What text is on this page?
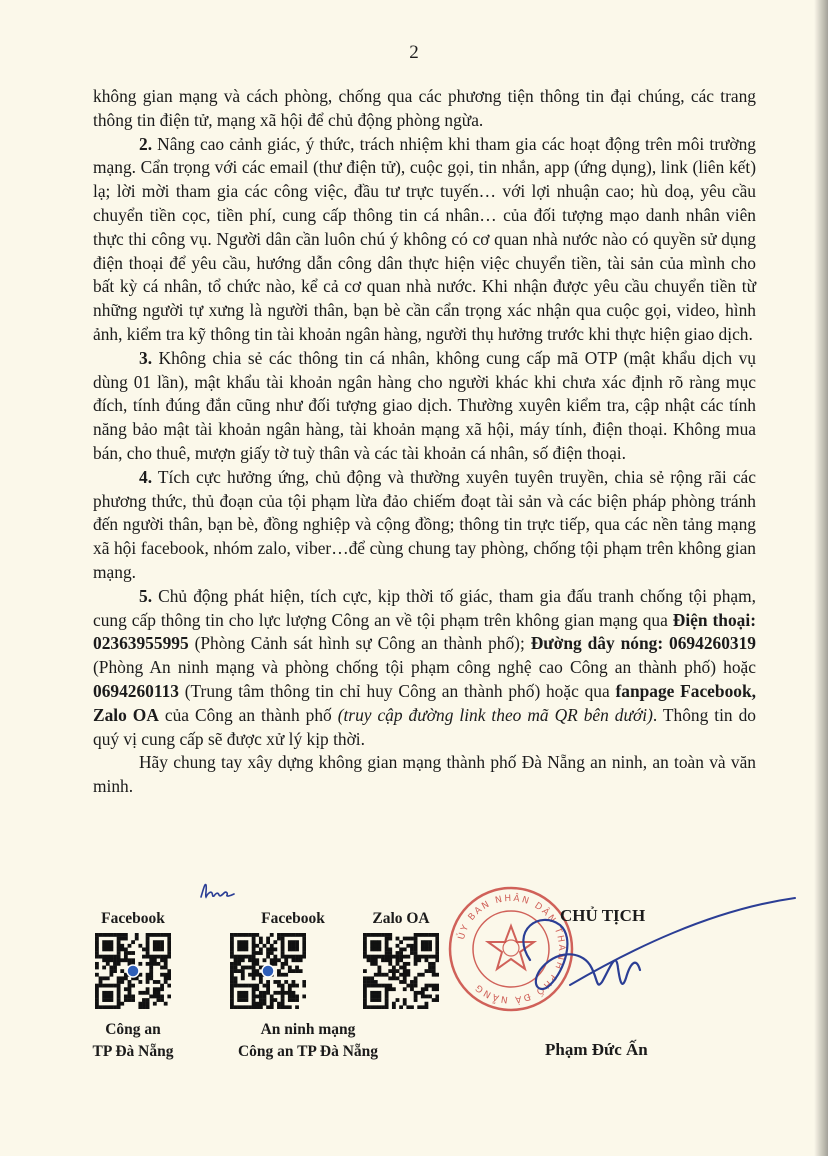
2

không gian mạng và cách phòng, chống qua các phương tiện thông tin đại chúng, các trang thông tin điện tử, mạng xã hội để chủ động phòng ngừa.

2. Nâng cao cảnh giác, ý thức, trách nhiệm khi tham gia các hoạt động trên môi trường mạng. Cẩn trọng với các email (thư điện tử), cuộc gọi, tin nhắn, app (ứng dụng), link (liên kết) lạ; lời mời tham gia các công việc, đầu tư trực tuyến… với lợi nhuận cao; hù doạ, yêu cầu chuyển tiền cọc, tiền phí, cung cấp thông tin cá nhân… của đối tượng mạo danh nhân viên thực thi công vụ. Người dân cần luôn chú ý không có cơ quan nhà nước nào có quyền sử dụng điện thoại để yêu cầu, hướng dẫn công dân thực hiện việc chuyển tiền, tài sản của mình cho bất kỳ cá nhân, tổ chức nào, kể cả cơ quan nhà nước. Khi nhận được yêu cầu chuyển tiền từ những người tự xưng là người thân, bạn bè cần cẩn trọng xác nhận qua cuộc gọi, video, hình ảnh, kiểm tra kỹ thông tin tài khoản ngân hàng, người thụ hưởng trước khi thực hiện giao dịch.

3. Không chia sẻ các thông tin cá nhân, không cung cấp mã OTP (mật khẩu dịch vụ dùng 01 lần), mật khẩu tài khoản ngân hàng cho người khác khi chưa xác định rõ ràng mục đích, tính đúng đắn cũng như đối tượng giao dịch. Thường xuyên kiểm tra, cập nhật các tính năng bảo mật tài khoản ngân hàng, tài khoản mạng xã hội, máy tính, điện thoại. Không mua bán, cho thuê, mượn giấy tờ tuỳ thân và các tài khoản cá nhân, số điện thoại.

4. Tích cực hưởng ứng, chủ động và thường xuyên tuyên truyền, chia sẻ rộng rãi các phương thức, thủ đoạn của tội phạm lừa đảo chiếm đoạt tài sản và các biện pháp phòng tránh đến người thân, bạn bè, đồng nghiệp và cộng đồng; thông tin trực tiếp, qua các nền tảng mạng xã hội facebook, nhóm zalo, viber…để cùng chung tay phòng, chống tội phạm trên không gian mạng.

5. Chủ động phát hiện, tích cực, kịp thời tố giác, tham gia đấu tranh chống tội phạm, cung cấp thông tin cho lực lượng Công an về tội phạm trên không gian mạng qua Điện thoại: 02363955995 (Phòng Cảnh sát hình sự Công an thành phố); Đường dây nóng: 0694260319 (Phòng An ninh mạng và phòng chống tội phạm công nghệ cao Công an thành phố) hoặc 0694260113 (Trung tâm thông tin chỉ huy Công an thành phố) hoặc qua fanpage Facebook, Zalo OA của Công an thành phố (truy cập đường link theo mã QR bên dưới). Thông tin do quý vị cung cấp sẽ được xử lý kịp thời.

Hãy chung tay xây dựng không gian mạng thành phố Đà Nẵng an ninh, an toàn và văn minh.

Facebook
Công an
TP Đà Nẵng
Facebook
An ninh mạng
Công an TP Đà Nẵng
Zalo OA
ỦY BAN NHÂN DÂN THÀNH PHỐ ĐÀ NẴNG
CHỦ TỊCH
Phạm Đức Ấn
